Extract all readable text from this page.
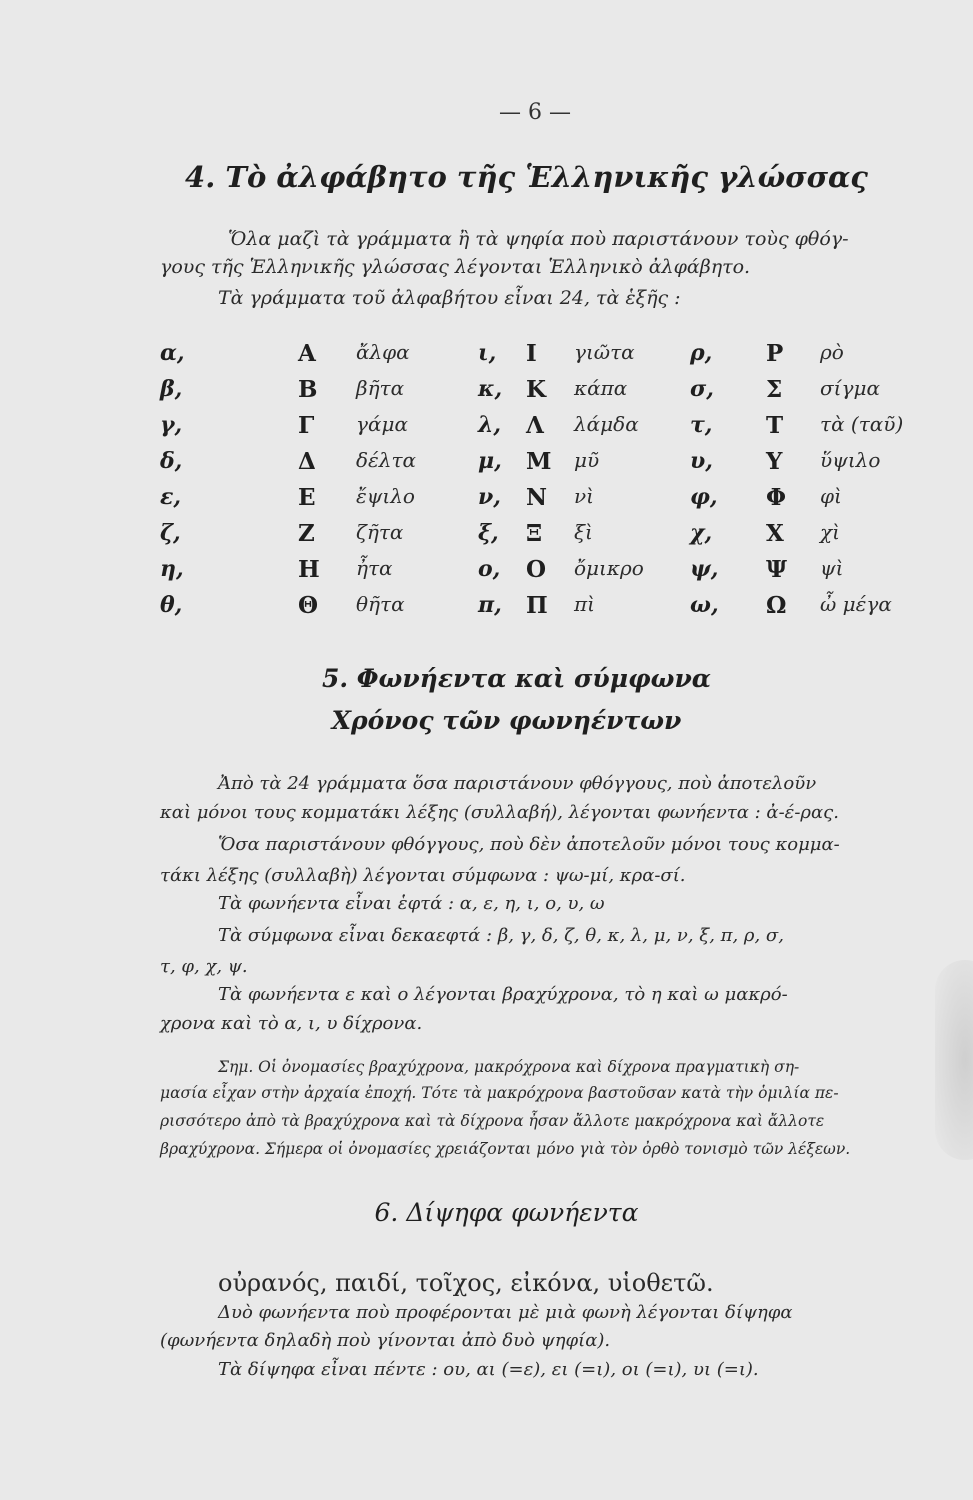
— 6 —
4. Τὸ ἀλφάβητο τῆς Ἑλληνικῆς γλώσσας
Ὅλα μαζὶ τὰ γράμματα ἢ τὰ ψηφία ποὺ παριστάνουν τοὺς φθόγ-
γους τῆς Ἑλληνικῆς γλώσσας λέγονται Ἑλληνικὸ ἀλφάβητο.
Τὰ γράμματα τοῦ ἀλφαβήτου εἶναι 24, τὰ ἑξῆς :
α,	Α ἄλφα	ι, Ι γιῶτα	ρ, Ρ ρὸ
β,	Β βῆτα	κ, Κ κάπα	σ, Σ σίγμα
γ,	Γ γάμα	λ, Λ λάμδα τ, Τ τὰ (ταῦ)
δ,	Δ δέλτα	μ, Μ μῦ	υ, Υ ὕψιλο
ε,	Ε ἔψιλο	ν, Ν νὶ	φ, Φ φὶ
ζ,	Ζ ζῆτα	ξ, Ξ ξὶ	χ, Χ χὶ
η,	Η ἦτα	ο, Ο ὄμικρο ψ, Ψ ψὶ
θ,	Θ θῆτα	π, Π πὶ	ω, Ω ὦ μέγα
5. Φωνήεντα καὶ σύμφωνα
Χρόνος τῶν φωνηέντων
Ἀπὸ τὰ 24 γράμματα ὅσα παριστάνουν φθόγγους, ποὺ ἀποτελοῦν
καὶ μόνοι τους κομματάκι λέξης (συλλαβή), λέγονται φωνήεντα : ἀ-έ-ρας.
Ὅσα παριστάνουν φθόγγους, ποὺ δὲν ἀποτελοῦν μόνοι τους κομμα-
τάκι λέξης (συλλαβὴ) λέγονται σύμφωνα : ψω-μί, κρα-σί.
Τὰ φωνήεντα εἶναι ἑφτά : α, ε, η, ι, ο, υ, ω
Τὰ σύμφωνα εἶναι δεκαεφτά : β, γ, δ, ζ, θ, κ, λ, μ, ν, ξ, π, ρ, σ,
τ, φ, χ, ψ.
Τὰ φωνήεντα ε καὶ ο λέγονται βραχύχρονα, τὸ η καὶ ω μακρό-
χρονα καὶ τὸ α, ι, υ δίχρονα.
Σημ. Οἱ ὀνομασίες βραχύχρονα, μακρόχρονα καὶ δίχρονα πραγματικὴ ση-
μασία εἶχαν στὴν ἀρχαία ἐποχή. Τότε τὰ μακρόχρονα βαστοῦσαν κατὰ τὴν ὁμιλία πε-
ρισσότερο ἀπὸ τὰ βραχύχρονα καὶ τὰ δίχρονα ἦσαν ἄλλοτε μακρόχρονα καὶ ἄλλοτε
βραχύχρονα. Σήμερα οἱ ὀνομασίες χρειάζονται μόνο γιὰ τὸν ὀρθὸ τονισμὸ τῶν λέξεων.
6. Δίψηφα φωνήεντα
οὐρανός, παιδί, τοῖχος, εἰκόνα, υἱοθετῶ.
Δυὸ φωνήεντα ποὺ προφέρονται μὲ μιὰ φωνὴ λέγονται δίψηφα
(φωνήεντα δηλαδὴ ποὺ γίνονται ἀπὸ δυὸ ψηφία).
Τὰ δίψηφα εἶναι πέντε : ου, αι (=ε), ει (=ι), οι (=ι), υι (=ι).
